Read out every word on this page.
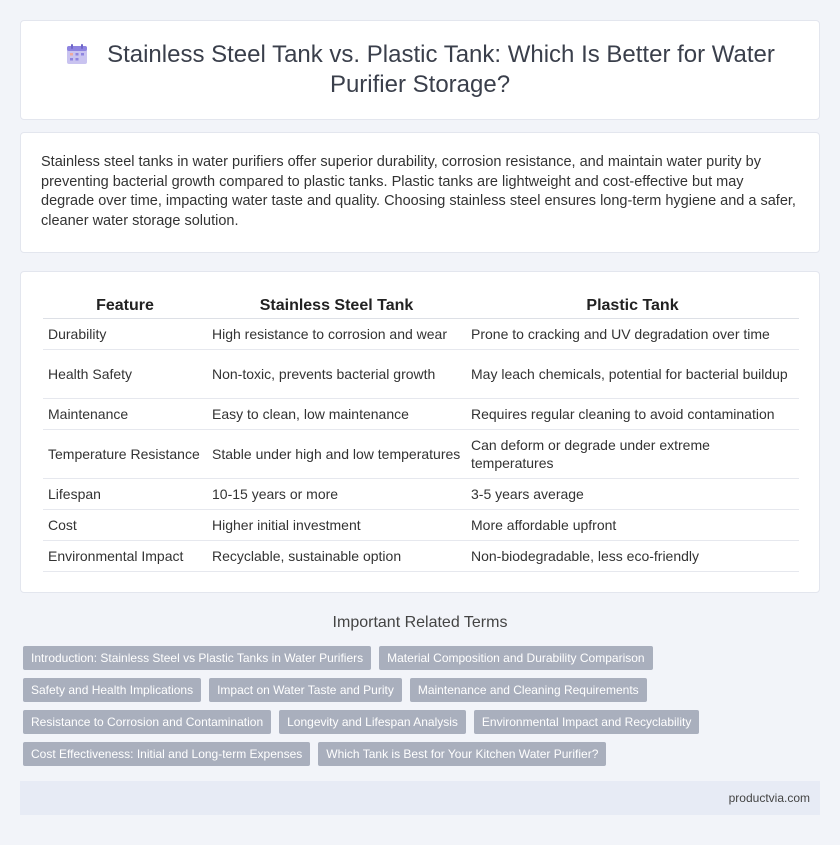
Stainless Steel Tank vs. Plastic Tank: Which Is Better for Water Purifier Storage?

Stainless steel tanks in water purifiers offer superior durability, corrosion resistance, and maintain water purity by preventing bacterial growth compared to plastic tanks. Plastic tanks are lightweight and cost-effective but may degrade over time, impacting water taste and quality. Choosing stainless steel ensures long-term hygiene and a safer, cleaner water storage solution.

Feature	Stainless Steel Tank	Plastic Tank
Durability	High resistance to corrosion and wear	Prone to cracking and UV degradation over time
Health Safety	Non-toxic, prevents bacterial growth	May leach chemicals, potential for bacterial buildup
Maintenance	Easy to clean, low maintenance	Requires regular cleaning to avoid contamination
Temperature Resistance	Stable under high and low temperatures	Can deform or degrade under extreme temperatures
Lifespan	10-15 years or more	3-5 years average
Cost	Higher initial investment	More affordable upfront
Environmental Impact	Recyclable, sustainable option	Non-biodegradable, less eco-friendly
Important Related Terms
Introduction: Stainless Steel vs Plastic Tanks in Water Purifiers	Material Composition and Durability Comparison
Safety and Health Implications	Impact on Water Taste and Purity	Maintenance and Cleaning Requirements
Resistance to Corrosion and Contamination	Longevity and Lifespan Analysis	Environmental Impact and Recyclability
Cost Effectiveness: Initial and Long-term Expenses	Which Tank is Best for Your Kitchen Water Purifier?
productvia.com
